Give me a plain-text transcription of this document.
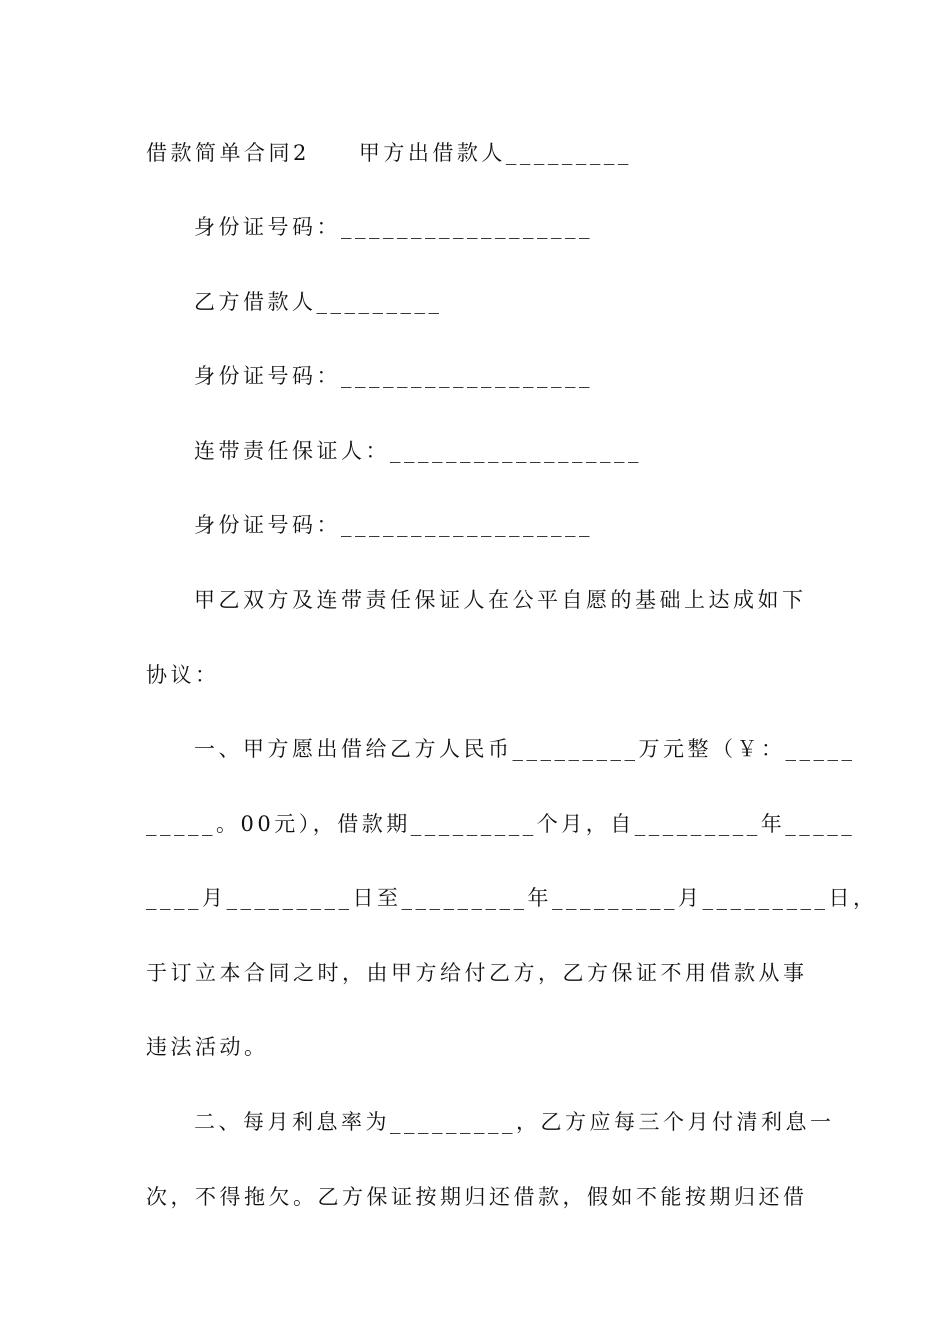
借款简单合同2　　甲方出借款人_________
身份证号码：__________________
乙方借款人_________
身份证号码：__________________
连带责任保证人：__________________
身份证号码：__________________
甲乙双方及连带责任保证人在公平自愿的基础上达成如下
协议：
一、甲方愿出借给乙方人民币_________万元整（￥：_____
_____。00元），借款期_________个月，自_________年_____
____月_________日至_________年_________月_________日，
于订立本合同之时，由甲方给付乙方，乙方保证不用借款从事
违法活动。
二、每月利息率为_________，乙方应每三个月付清利息一
次，不得拖欠。乙方保证按期归还借款，假如不能按期归还借
